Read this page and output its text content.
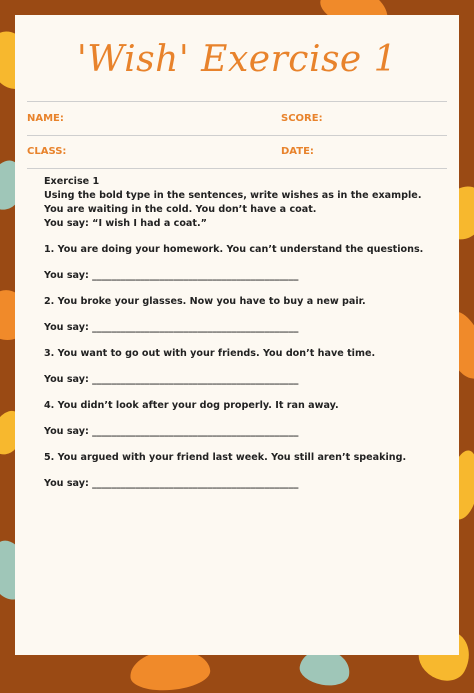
'Wish' Exercise 1
NAME:	SCORE:
CLASS:	DATE:
Exercise 1
Using the bold type in the sentences, write wishes as in the example.
You are waiting in the cold. You don’t have a coat.
You say: “I wish I had a coat.”
1. You are doing your homework. You can’t understand the questions.
You say: ___________________________________________
2. You broke your glasses. Now you have to buy a new pair.
You say: ___________________________________________
3. You want to go out with your friends. You don’t have time.
You say: ___________________________________________
4. You didn’t look after your dog properly. It ran away.
You say: ___________________________________________
5. You argued with your friend last week. You still aren’t speaking.
You say: ___________________________________________
